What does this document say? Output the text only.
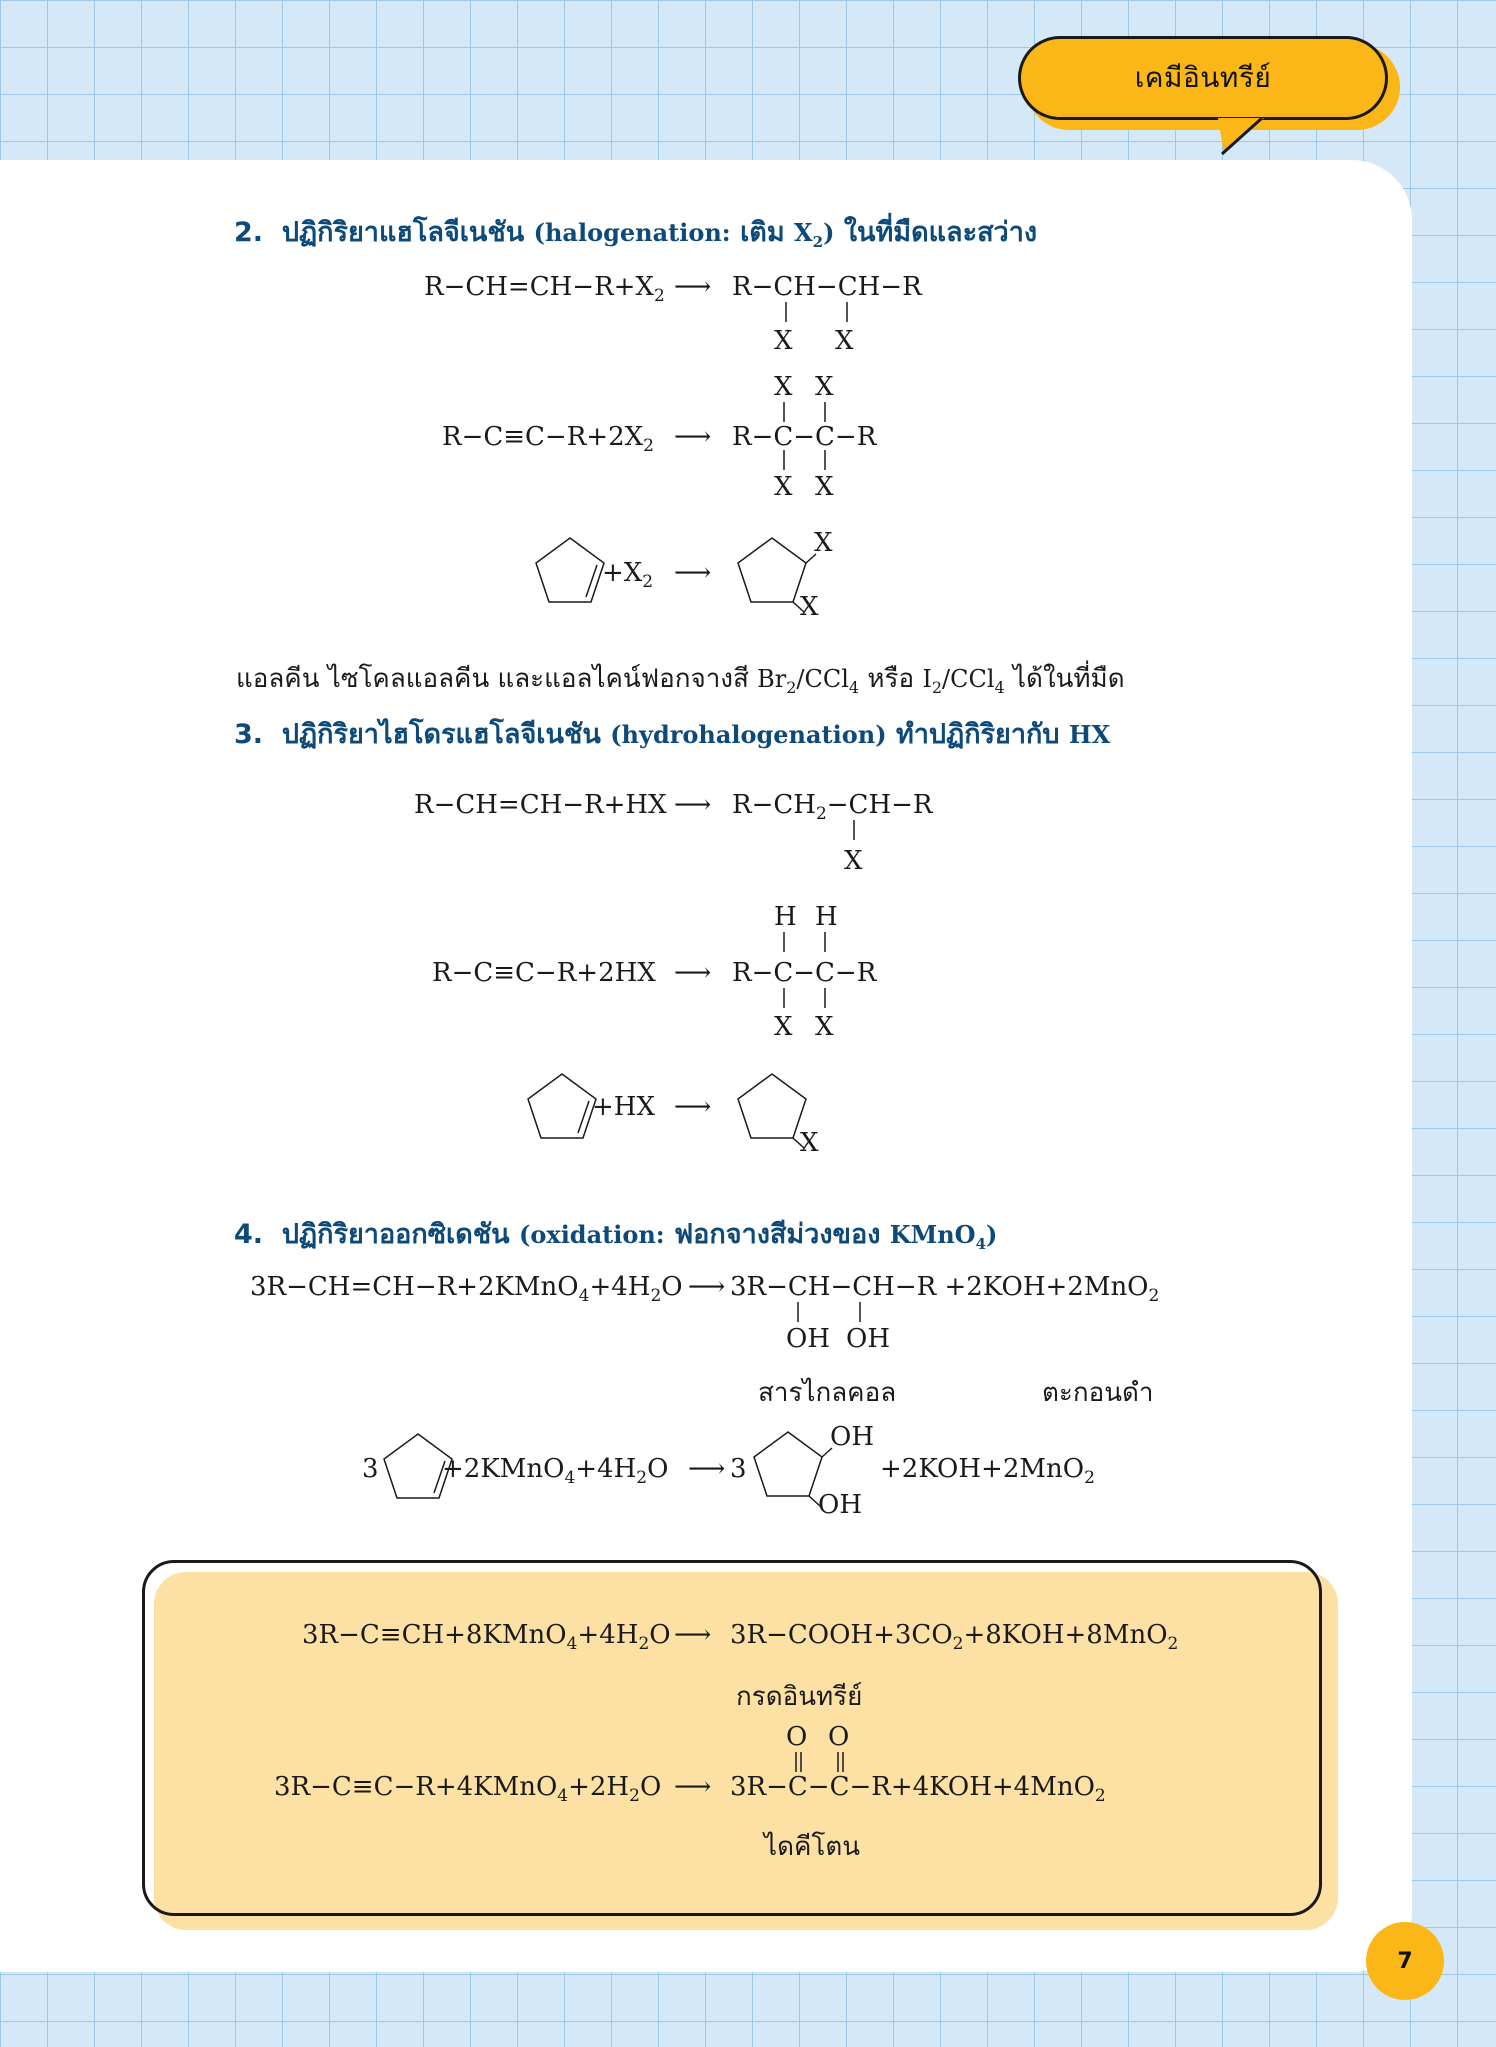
เคมีอินทรีย์
2. ปฏิกิริยาแฮโลจีเนชัน (halogenation: เติม $X_2$) ในที่มืดและสว่าง
$R-CH=CH-R+X_2$ ⟶ R−CH−CH−R
X X
X X
$R-C\equiv C-R+2X_2$ ⟶ R−C−C−R
X X
$+X_2$ ⟶
X
X
แอลคีน ไซโคลแอลคีน และแอลไคน์ฟอกจางสี $Br_2/CCl_4$ หรือ $I_2/CCl_4$ ได้ในที่มืด
3. ปฏิกิริยาไฮโดรแฮโลจีเนชัน (hydrohalogenation) ทำปฏิกิริยากับ HX
R−CH=CH−R+HX ⟶ $R-CH_2-CH-R$
X
H H
R−C≡C−R+2HX ⟶ R−C−C−R
X X
+HX ⟶
X
4. ปฏิกิริยาออกซิเดชัน (oxidation: ฟอกจางสีม่วงของ KMnO$_4$)
$3R-CH=CH-R+2KMnO_4+4H_2O$ ⟶ 3R−CH−CH−R +2KOH+2MnO$_2$
OH OH
สารไกลคอล	ตะกอนดำ
$3 +2KMnO_4+4H_2O$ ⟶ 3
OH
OH
+2KOH+2MnO$_2$
$3R-C\equiv CH+8KMnO_4+4H_2O$ ⟶ $3R-COOH+3CO_2+8KOH+8MnO_2$
กรดอินทรีย์
O O
$3R-C\equiv C-R+4KMnO_4+2H_2O$ ⟶ 3R−C−C−R+4KOH+4MnO$_2$
ไดคีโตน
7
